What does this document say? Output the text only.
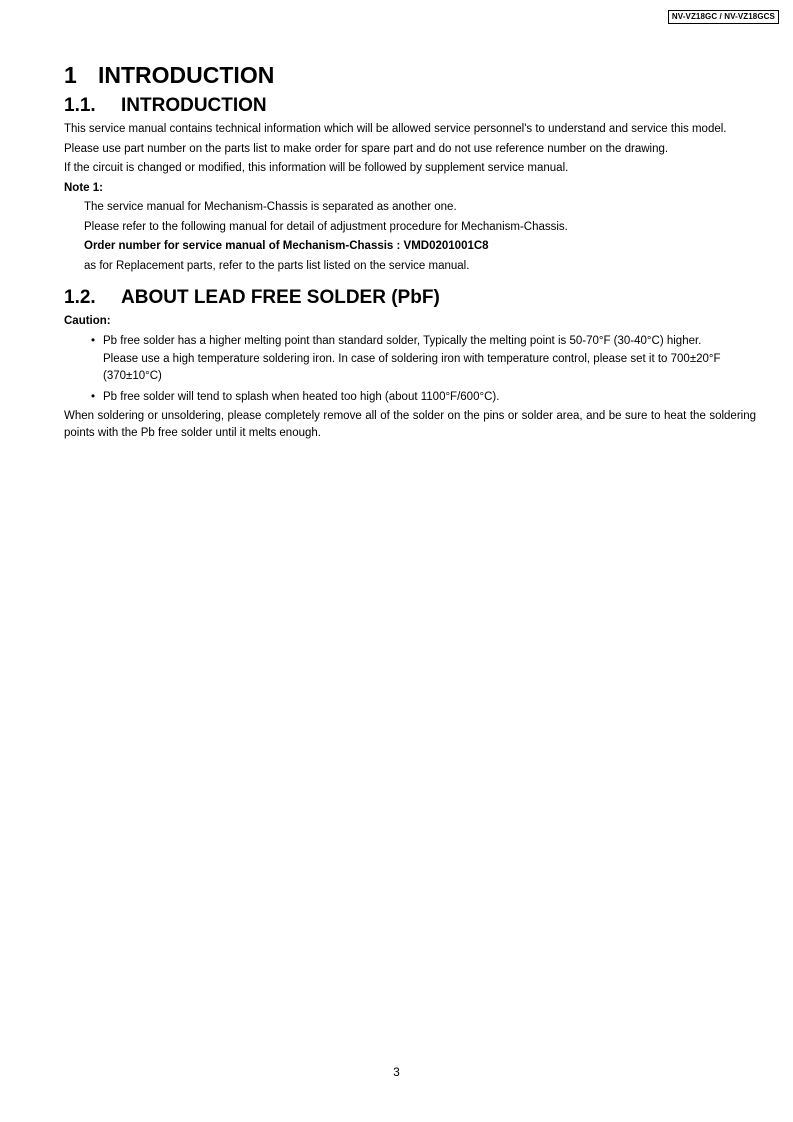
NV-VZ18GC / NV-VZ18GCS
1 INTRODUCTION
1.1. INTRODUCTION

This service manual contains technical information which will be allowed service personnel's to understand and service this model.

Please use part number on the parts list to make order for spare part and do not use reference number on the drawing.

If the circuit is changed or modified, this information will be followed by supplement service manual.

Note 1:

The service manual for Mechanism-Chassis is separated as another one.

Please refer to the following manual for detail of adjustment procedure for Mechanism-Chassis.

Order number for service manual of Mechanism-Chassis : VMD0201001C8

as for Replacement parts, refer to the parts list listed on the service manual.

1.2. ABOUT LEAD FREE SOLDER (PbF)

Caution:

• Pb free solder has a higher melting point than standard solder, Typically the melting point is 50-70°F (30-40°C) higher.
Please use a high temperature soldering iron. In case of soldering iron with temperature control, please set it to 700±20°F (370±10°C)
• Pb free solder will tend to splash when heated too high (about 1100°F/600°C).

When soldering or unsoldering, please completely remove all of the solder on the pins or solder area, and be sure to heat the soldering points with the Pb free solder until it melts enough.

3
